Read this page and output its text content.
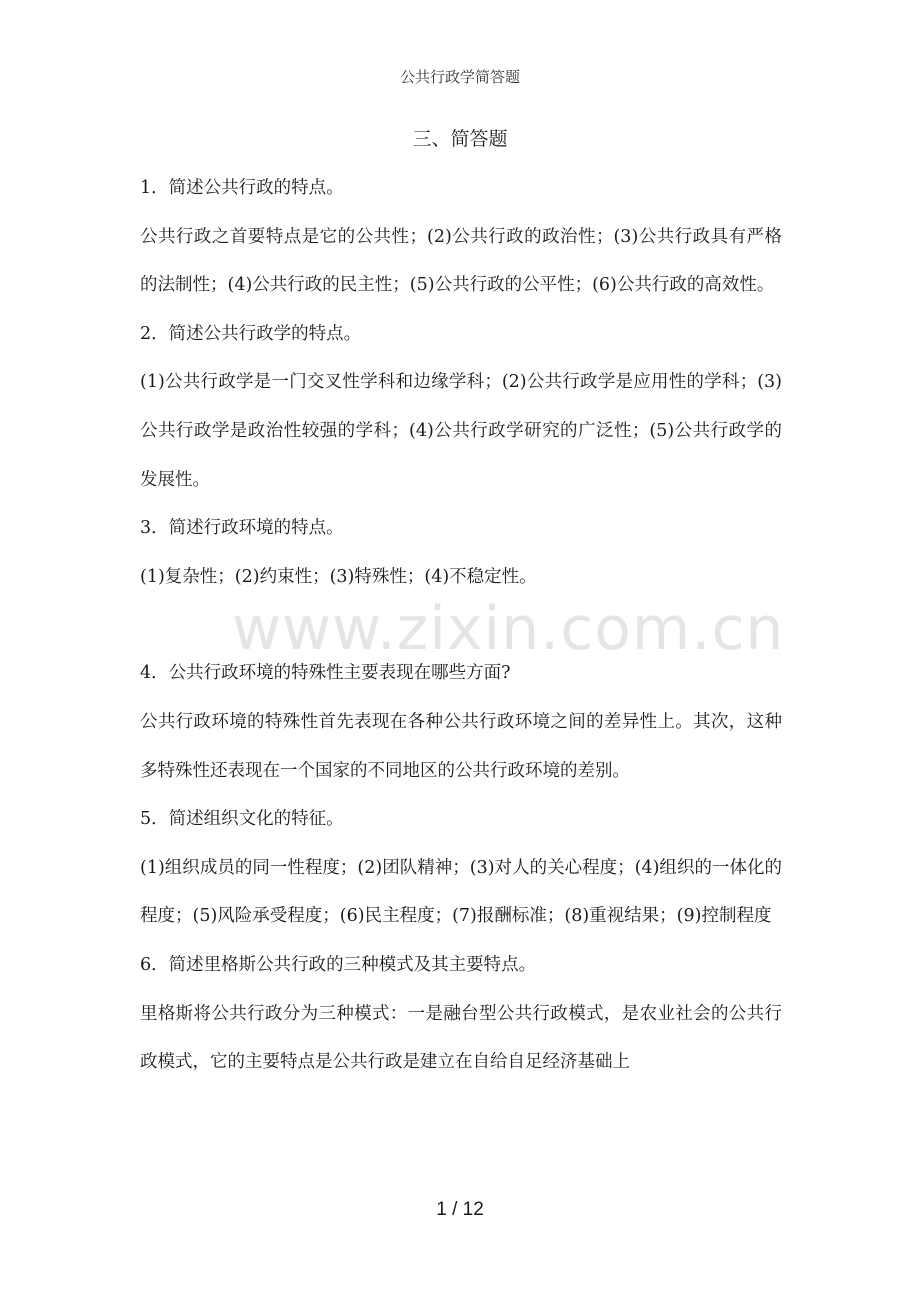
公共行政学简答题
三、简答题

1．简述公共行政的特点。

公共行政之首要特点是它的公共性；(2)公共行政的政治性；(3)公共行政具有严格的法制性；(4)公共行政的民主性；(5)公共行政的公平性；(6)公共行政的高效性。

2．简述公共行政学的特点。

(1)公共行政学是一门交叉性学科和边缘学科；(2)公共行政学是应用性的学科；(3)公共行政学是政治性较强的学科；(4)公共行政学研究的广泛性；(5)公共行政学的发展性。

3．简述行政环境的特点。

(1)复杂性；(2)约束性；(3)特殊性；(4)不稳定性。

4．公共行政环境的特殊性主要表现在哪些方面?

公共行政环境的特殊性首先表现在各种公共行政环境之间的差异性上。其次，这种多特殊性还表现在一个国家的不同地区的公共行政环境的差别。

5．简述组织文化的特征。

(1)组织成员的同一性程度；(2)团队精神；(3)对人的关心程度；(4)组织的一体化的程度；(5)风险承受程度；(6)民主程度；(7)报酬标准；(8)重视结果；(9)控制程度

6．简述里格斯公共行政的三种模式及其主要特点。

里格斯将公共行政分为三种模式：一是融台型公共行政模式，是农业社会的公共行政模式，它的主要特点是公共行政是建立在自给自足经济基础上

www.zixin.com.cn
1 / 12
